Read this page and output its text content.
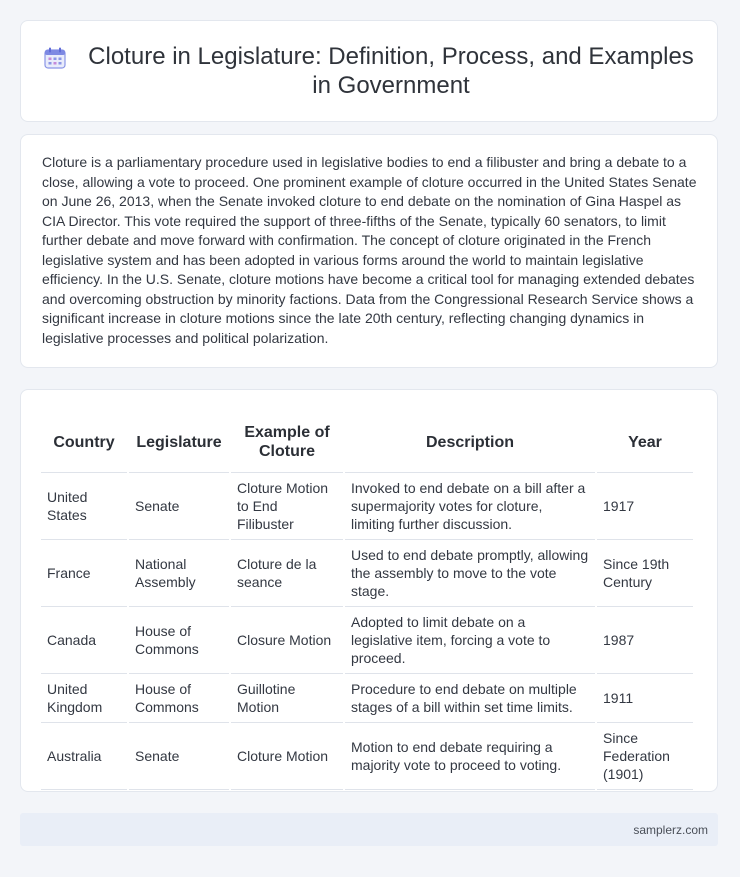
Cloture in Legislature: Definition, Process, and Examples in Government

Cloture is a parliamentary procedure used in legislative bodies to end a filibuster and bring a debate to a close, allowing a vote to proceed. One prominent example of cloture occurred in the United States Senate on June 26, 2013, when the Senate invoked cloture to end debate on the nomination of Gina Haspel as CIA Director. This vote required the support of three-fifths of the Senate, typically 60 senators, to limit further debate and move forward with confirmation. The concept of cloture originated in the French legislative system and has been adopted in various forms around the world to maintain legislative efficiency. In the U.S. Senate, cloture motions have become a critical tool for managing extended debates and overcoming obstruction by minority factions. Data from the Congressional Research Service shows a significant increase in cloture motions since the late 20th century, reflecting changing dynamics in legislative processes and political polarization.

Country	Legislature	Example of Cloture	Description	Year
United States	Senate	Cloture Motion to End Filibuster	Invoked to end debate on a bill after a supermajority votes for cloture, limiting further discussion.	1917
France	National Assembly	Cloture de la seance	Used to end debate promptly, allowing the assembly to move to the vote stage.	Since 19th Century
Canada	House of Commons	Closure Motion	Adopted to limit debate on a legislative item, forcing a vote to proceed.	1987
United Kingdom	House of Commons	Guillotine Motion	Procedure to end debate on multiple stages of a bill within set time limits.	1911
Australia	Senate	Cloture Motion	Motion to end debate requiring a majority vote to proceed to voting.	Since Federation (1901)
samplerz.com
